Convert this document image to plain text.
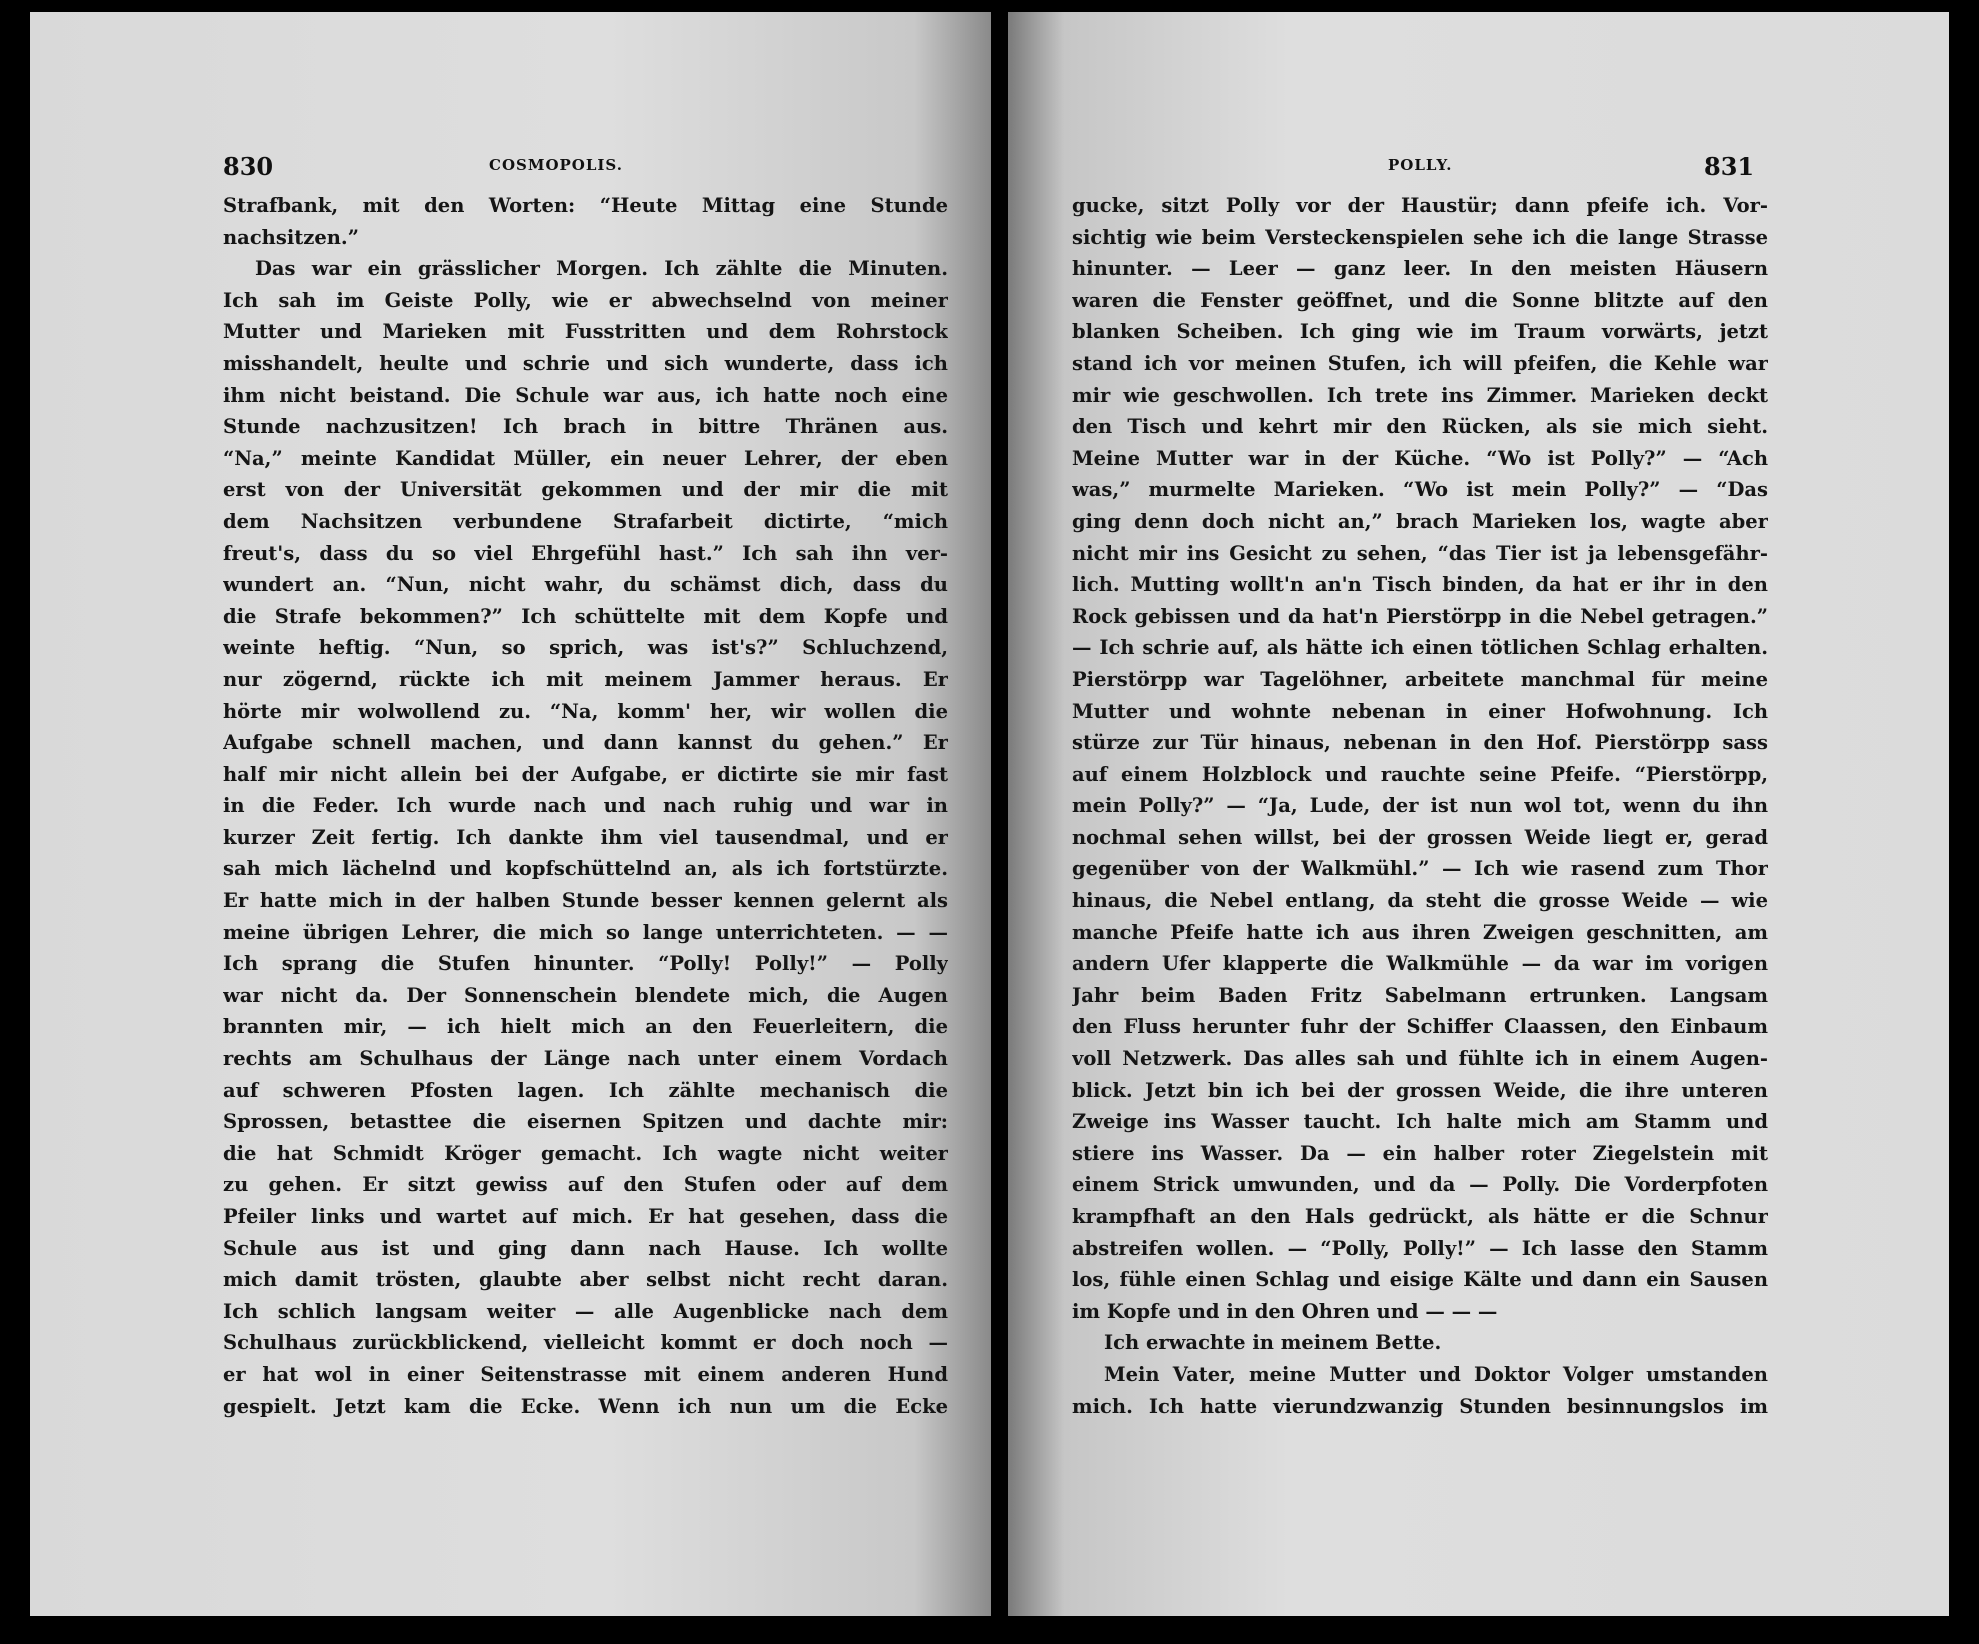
830	COSMOPOLIS.
Strafbank, mit den Worten: “Heute Mittag eine Stunde
nachsitzen.”
Das war ein grässlicher Morgen. Ich zählte die Minuten.
Ich sah im Geiste Polly, wie er abwechselnd von meiner
Mutter und Marieken mit Fusstritten und dem Rohrstock
misshandelt, heulte und schrie und sich wunderte, dass ich
ihm nicht beistand. Die Schule war aus, ich hatte noch eine
Stunde nachzusitzen! Ich brach in bittre Thränen aus.
“Na,” meinte Kandidat Müller, ein neuer Lehrer, der eben
erst von der Universität gekommen und der mir die mit
dem Nachsitzen verbundene Strafarbeit dictirte, “mich
freut's, dass du so viel Ehrgefühl hast.” Ich sah ihn ver-
wundert an. “Nun, nicht wahr, du schämst dich, dass du
die Strafe bekommen?” Ich schüttelte mit dem Kopfe und
weinte heftig. “Nun, so sprich, was ist's?” Schluchzend,
nur zögernd, rückte ich mit meinem Jammer heraus. Er
hörte mir wolwollend zu. “Na, komm' her, wir wollen die
Aufgabe schnell machen, und dann kannst du gehen.” Er
half mir nicht allein bei der Aufgabe, er dictirte sie mir fast
in die Feder. Ich wurde nach und nach ruhig und war in
kurzer Zeit fertig. Ich dankte ihm viel tausendmal, und er
sah mich lächelnd und kopfschüttelnd an, als ich fortstürzte.
Er hatte mich in der halben Stunde besser kennen gelernt als
meine übrigen Lehrer, die mich so lange unterrichteten. — —
Ich sprang die Stufen hinunter. “Polly! Polly!” — Polly
war nicht da. Der Sonnenschein blendete mich, die Augen
brannten mir, — ich hielt mich an den Feuerleitern, die
rechts am Schulhaus der Länge nach unter einem Vordach
auf schweren Pfosten lagen. Ich zählte mechanisch die
Sprossen, betasttee die eisernen Spitzen und dachte mir:
die hat Schmidt Kröger gemacht. Ich wagte nicht weiter
zu gehen. Er sitzt gewiss auf den Stufen oder auf dem
Pfeiler links und wartet auf mich. Er hat gesehen, dass die
Schule aus ist und ging dann nach Hause. Ich wollte
mich damit trösten, glaubte aber selbst nicht recht daran.
Ich schlich langsam weiter — alle Augenblicke nach dem
Schulhaus zurückblickend, vielleicht kommt er doch noch —
er hat wol in einer Seitenstrasse mit einem anderen Hund
gespielt. Jetzt kam die Ecke. Wenn ich nun um die Ecke
POLLY.	831
gucke, sitzt Polly vor der Haustür; dann pfeife ich. Vor-
sichtig wie beim Versteckenspielen sehe ich die lange Strasse
hinunter. — Leer — ganz leer. In den meisten Häusern
waren die Fenster geöffnet, und die Sonne blitzte auf den
blanken Scheiben. Ich ging wie im Traum vorwärts, jetzt
stand ich vor meinen Stufen, ich will pfeifen, die Kehle war
mir wie geschwollen. Ich trete ins Zimmer. Marieken deckt
den Tisch und kehrt mir den Rücken, als sie mich sieht.
Meine Mutter war in der Küche. “Wo ist Polly?” — “Ach
was,” murmelte Marieken. “Wo ist mein Polly?” — “Das
ging denn doch nicht an,” brach Marieken los, wagte aber
nicht mir ins Gesicht zu sehen, “das Tier ist ja lebensgefähr-
lich. Mutting wollt'n an'n Tisch binden, da hat er ihr in den
Rock gebissen und da hat'n Pierstörpp in die Nebel getragen.”
— Ich schrie auf, als hätte ich einen tötlichen Schlag erhalten.
Pierstörpp war Tagelöhner, arbeitete manchmal für meine
Mutter und wohnte nebenan in einer Hofwohnung. Ich
stürze zur Tür hinaus, nebenan in den Hof. Pierstörpp sass
auf einem Holzblock und rauchte seine Pfeife. “Pierstörpp,
mein Polly?” — “Ja, Lude, der ist nun wol tot, wenn du ihn
nochmal sehen willst, bei der grossen Weide liegt er, gerad
gegenüber von der Walkmühl.” — Ich wie rasend zum Thor
hinaus, die Nebel entlang, da steht die grosse Weide — wie
manche Pfeife hatte ich aus ihren Zweigen geschnitten, am
andern Ufer klapperte die Walkmühle — da war im vorigen
Jahr beim Baden Fritz Sabelmann ertrunken. Langsam
den Fluss herunter fuhr der Schiffer Claassen, den Einbaum
voll Netzwerk. Das alles sah und fühlte ich in einem Augen-
blick. Jetzt bin ich bei der grossen Weide, die ihre unteren
Zweige ins Wasser taucht. Ich halte mich am Stamm und
stiere ins Wasser. Da — ein halber roter Ziegelstein mit
einem Strick umwunden, und da — Polly. Die Vorderpfoten
krampfhaft an den Hals gedrückt, als hätte er die Schnur
abstreifen wollen. — “Polly, Polly!” — Ich lasse den Stamm
los, fühle einen Schlag und eisige Kälte und dann ein Sausen
im Kopfe und in den Ohren und — — —
Ich erwachte in meinem Bette.
Mein Vater, meine Mutter und Doktor Volger umstanden
mich. Ich hatte vierundzwanzig Stunden besinnungslos im
